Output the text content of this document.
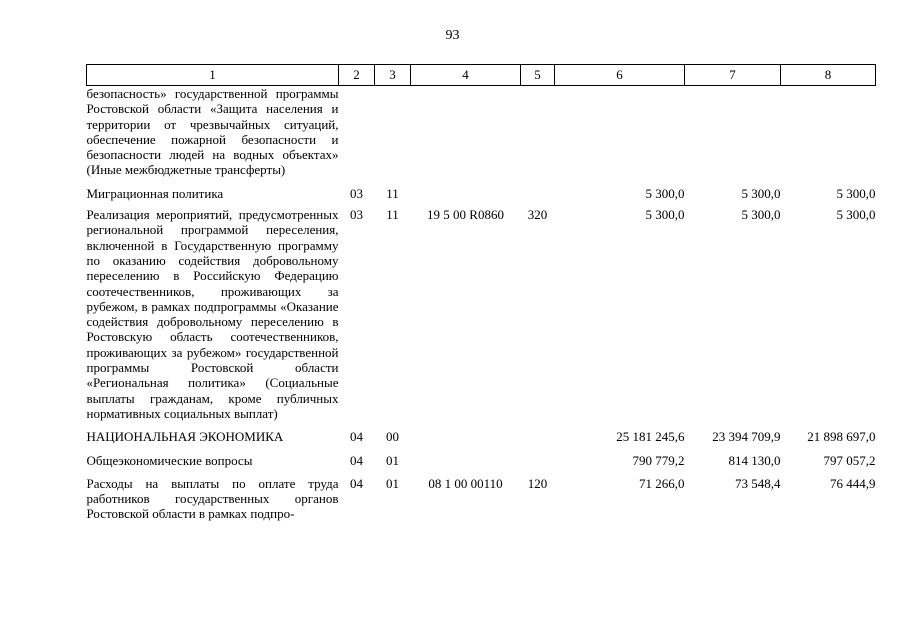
93
1	2	3	4	5	6	7	8

безопасность» государственной программы Ростовской области «Защита населения и территории от чрезвычайных ситуаций, обеспечение пожарной безопасности и безопасности людей на водных объектах» (Иные межбюджетные трансферты)							

Миграционная политика	03	11			5 300,0	5 300,0	5 300,0

Реализация мероприятий, предусмотренных региональной программой переселения, включенной в Государственную программу по оказанию содействия добровольному переселению в Российскую Федерацию соотечественников, проживающих за рубежом, в рамках подпрограммы «Оказание содействия добровольному переселению в Ростовскую область соотечественников, проживающих за рубежом» государственной программы Ростовской области «Региональная политика» (Социальные выплаты гражданам, кроме публичных нормативных социальных выплат)	03	11	19 5 00 R0860	320	5 300,0	5 300,0	5 300,0

НАЦИОНАЛЬНАЯ ЭКОНОМИКА	04	00			25 181 245,6	23 394 709,9	21 898 697,0

Общеэкономические вопросы	04	01			790 779,2	814 130,0	797 057,2

Расходы на выплаты по оплате труда работников государственных органов Ростовской области в рамках подпро-	04	01	08 1 00 00110	120	71 266,0	73 548,4	76 444,9
